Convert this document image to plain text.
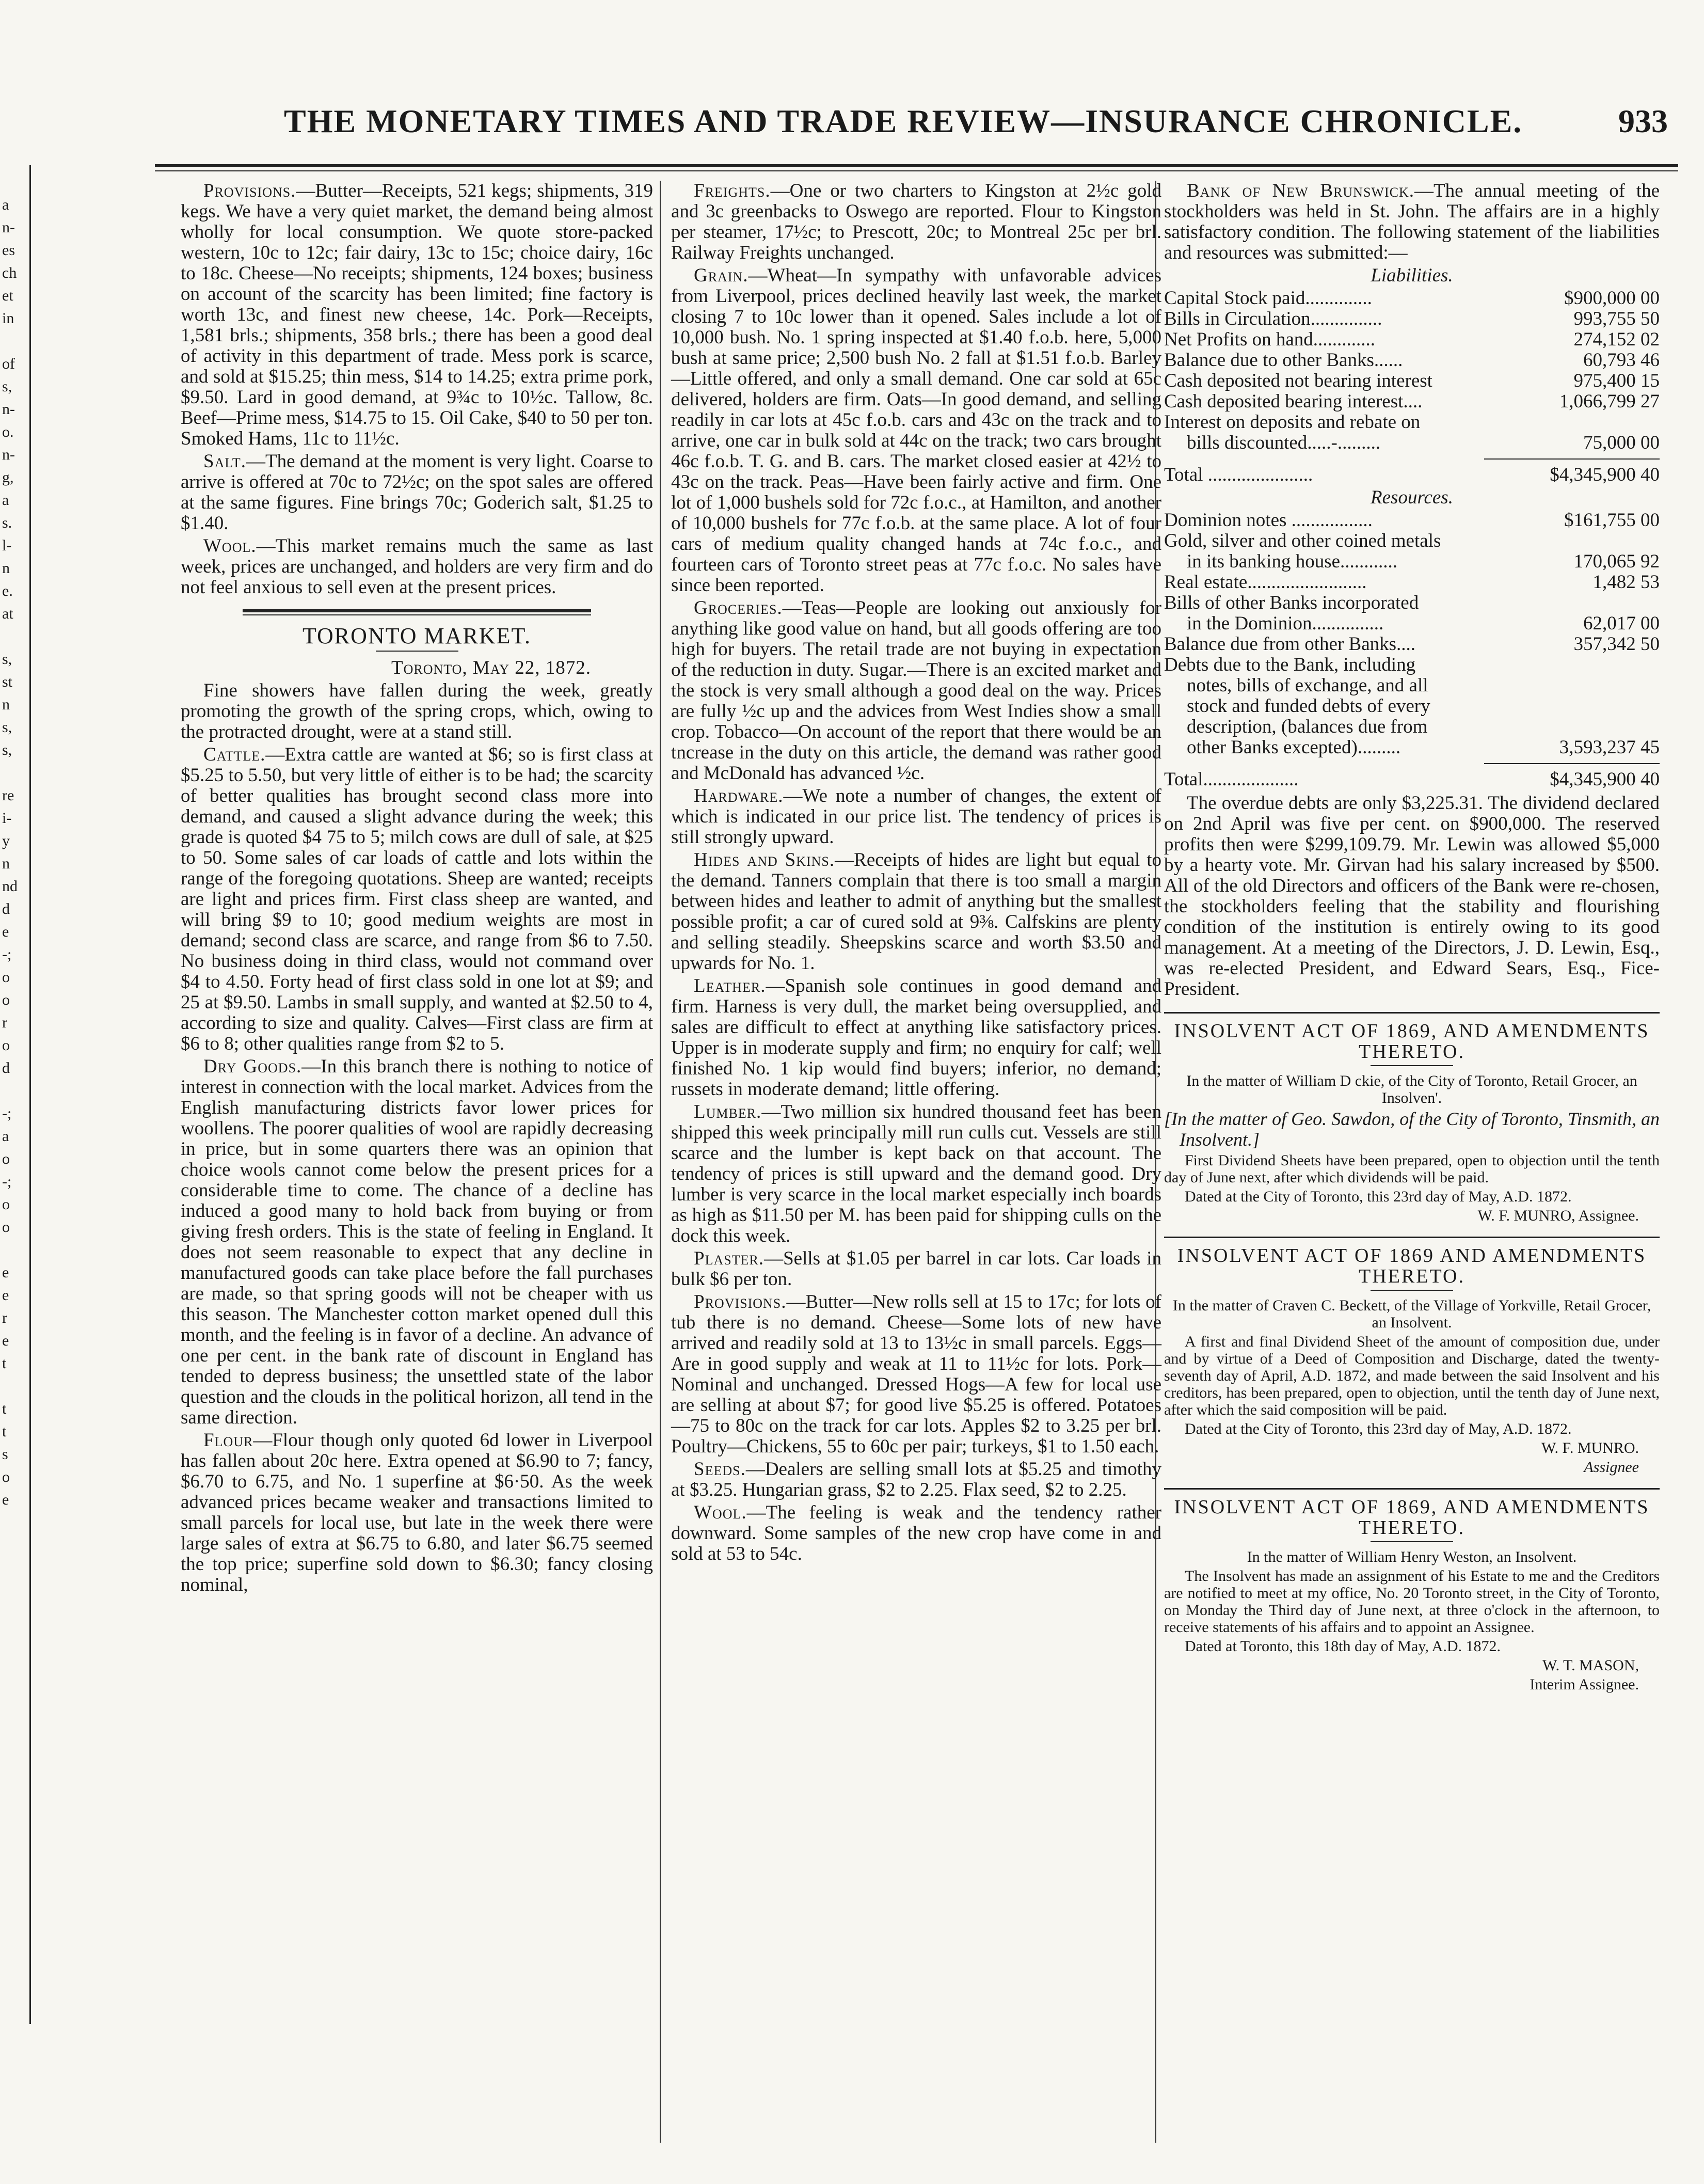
a
n-
es
ch
et
in
of
s,
n-
o.
n-
g,
a
s.
l-
n
e.
at
s,
st
n
s,
s,
re
i-
y
n
nd
d
e
-;
o
o
r
o
d
-;
a
o
-;
o
o
e
e
r
e
t
t
t
s
o
e
THE MONETARY TIMES AND TRADE REVIEW—INSURANCE CHRONICLE.	933

Provisions.—Butter—Receipts, 521 kegs; shipments, 319 kegs. We have a very quiet market, the demand being almost wholly for local consumption. We quote store-packed western, 10c to 12c; fair dairy, 13c to 15c; choice dairy, 16c to 18c. Cheese—No receipts; shipments, 124 boxes; business on account of the scarcity has been limited; fine factory is worth 13c, and finest new cheese, 14c. Pork—Receipts, 1,581 brls.; shipments, 358 brls.; there has been a good deal of activity in this department of trade. Mess pork is scarce, and sold at $15.25; thin mess, $14 to 14.25; extra prime pork, $9.50. Lard in good demand, at 9¾c to 10½c. Tallow, 8c. Beef—Prime mess, $14.75 to 15. Oil Cake, $40 to 50 per ton. Smoked Hams, 11c to 11½c.

Salt.—The demand at the moment is very light. Coarse to arrive is offered at 70c to 72½c; on the spot sales are offered at the same figures. Fine brings 70c; Goderich salt, $1.25 to $1.40.

Wool.—This market remains much the same as last week, prices are unchanged, and holders are very firm and do not feel anxious to sell even at the present prices.

TORONTO MARKET.
Toronto, May 22, 1872.

Fine showers have fallen during the week, greatly promoting the growth of the spring crops, which, owing to the protracted drought, were at a stand still.

Cattle.—Extra cattle are wanted at $6; so is first class at $5.25 to 5.50, but very little of either is to be had; the scarcity of better qualities has brought second class more into demand, and caused a slight advance during the week; this grade is quoted $4 75 to 5; milch cows are dull of sale, at $25 to 50. Some sales of car loads of cattle and lots within the range of the foregoing quotations. Sheep are wanted; receipts are light and prices firm. First class sheep are wanted, and will bring $9 to 10; good medium weights are most in demand; second class are scarce, and range from $6 to 7.50. No business doing in third class, would not command over $4 to 4.50. Forty head of first class sold in one lot at $9; and 25 at $9.50. Lambs in small supply, and wanted at $2.50 to 4, according to size and quality. Calves—First class are firm at $6 to 8; other qualities range from $2 to 5.

Dry Goods.—In this branch there is nothing to notice of interest in connection with the local market. Advices from the English manufacturing districts favor lower prices for woollens. The poorer qualities of wool are rapidly decreasing in price, but in some quarters there was an opinion that choice wools cannot come below the present prices for a considerable time to come. The chance of a decline has induced a good many to hold back from buying or from giving fresh orders. This is the state of feeling in England. It does not seem reasonable to expect that any decline in manufactured goods can take place before the fall purchases are made, so that spring goods will not be cheaper with us this season. The Manchester cotton market opened dull this month, and the feeling is in favor of a decline. An advance of one per cent. in the bank rate of discount in England has tended to depress business; the unsettled state of the labor question and the clouds in the political horizon, all tend in the same direction.

Flour—Flour though only quoted 6d lower in Liverpool has fallen about 20c here. Extra opened at $6.90 to 7; fancy, $6.70 to 6.75, and No. 1 superfine at $6·50. As the week advanced prices became weaker and transactions limited to small parcels for local use, but late in the week there were large sales of extra at $6.75 to 6.80, and later $6.75 seemed the top price; superfine sold down to $6.30; fancy closing nominal,

Freights.—One or two charters to Kingston at 2½c gold and 3c greenbacks to Oswego are reported. Flour to Kingston per steamer, 17½c; to Prescott, 20c; to Montreal 25c per brl. Railway Freights unchanged.

Grain.—Wheat—In sympathy with unfavorable advices from Liverpool, prices declined heavily last week, the market closing 7 to 10c lower than it opened. Sales include a lot of 10,000 bush. No. 1 spring inspected at $1.40 f.o.b. here, 5,000 bush at same price; 2,500 bush No. 2 fall at $1.51 f.o.b. Barley—Little offered, and only a small demand. One car sold at 65c delivered, holders are firm. Oats—In good demand, and selling readily in car lots at 45c f.o.b. cars and 43c on the track and to arrive, one car in bulk sold at 44c on the track; two cars brought 46c f.o.b. T. G. and B. cars. The market closed easier at 42½ to 43c on the track. Peas—Have been fairly active and firm. One lot of 1,000 bushels sold for 72c f.o.c., at Hamilton, and another of 10,000 bushels for 77c f.o.b. at the same place. A lot of four cars of medium quality changed hands at 74c f.o.c., and fourteen cars of Toronto street peas at 77c f.o.c. No sales have since been reported.

Groceries.—Teas—People are looking out anxiously for anything like good value on hand, but all goods offering are too high for buyers. The retail trade are not buying in expectation of the reduction in duty. Sugar.—There is an excited market and the stock is very small although a good deal on the way. Prices are fully ½c up and the advices from West Indies show a small crop. Tobacco—On account of the report that there would be an tncrease in the duty on this article, the demand was rather good and McDonald has advanced ½c.

Hardware.—We note a number of changes, the extent of which is indicated in our price list. The tendency of prices is still strongly upward.

Hides and Skins.—Receipts of hides are light but equal to the demand. Tanners complain that there is too small a margin between hides and leather to admit of anything but the smallest possible profit; a car of cured sold at 9⅜. Calfskins are plenty and selling steadily. Sheepskins scarce and worth $3.50 and upwards for No. 1.

Leather.—Spanish sole continues in good demand and firm. Harness is very dull, the market being oversupplied, and sales are difficult to effect at anything like satisfactory prices. Upper is in moderate supply and firm; no enquiry for calf; well finished No. 1 kip would find buyers; inferior, no demand; russets in moderate demand; little offering.

Lumber.—Two million six hundred thousand feet has been shipped this week principally mill run culls cut. Vessels are still scarce and the lumber is kept back on that account. The tendency of prices is still upward and the demand good. Dry lumber is very scarce in the local market especially inch boards as high as $11.50 per M. has been paid for shipping culls on the dock this week.

Plaster.—Sells at $1.05 per barrel in car lots. Car loads in bulk $6 per ton.

Provisions.—Butter—New rolls sell at 15 to 17c; for lots of tub there is no demand. Cheese—Some lots of new have arrived and readily sold at 13 to 13½c in small parcels. Eggs—Are in good supply and weak at 11 to 11½c for lots. Pork—Nominal and unchanged. Dressed Hogs—A few for local use are selling at about $7; for good live $5.25 is offered. Potatoes—75 to 80c on the track for car lots. Apples $2 to 3.25 per brl. Poultry—Chickens, 55 to 60c per pair; turkeys, $1 to 1.50 each.

Seeds.—Dealers are selling small lots at $5.25 and timothy at $3.25. Hungarian grass, $2 to 2.25. Flax seed, $2 to 2.25.

Wool.—The feeling is weak and the tendency rather downward. Some samples of the new crop have come in and sold at 53 to 54c.

Bank of New Brunswick.—The annual meeting of the stockholders was held in St. John. The affairs are in a highly satisfactory condition. The following statement of the liabilities and resources was submitted:—

Liabilities.
Capital Stock paid..............	$900,000 00
Bills in Circulation...............	993,755 50
Net Profits on hand.............	274,152 02
Balance due to other Banks......	60,793 46
Cash deposited not bearing interest	975,400 15
Cash deposited bearing interest....	1,066,799 27
Interest on deposits and rebate on	
bills discounted.....-.........	75,000 00
Total ......................	$4,345,900 40
Resources.
Dominion notes .................	$161,755 00
Gold, silver and other coined metals	
in its banking house............	170,065 92
Real estate.........................	1,482 53
Bills of other Banks incorporated	
in the Dominion...............	62,017 00
Balance due from other Banks....	357,342 50
Debts due to the Bank, including	
notes, bills of exchange, and all	
stock and funded debts of every	
description, (balances due from	
other Banks excepted).........	3,593,237 45
Total....................	$4,345,900 40

The overdue debts are only $3,225.31. The dividend declared on 2nd April was five per cent. on $900,000. The reserved profits then were $299,109.79. Mr. Lewin was allowed $5,000 by a hearty vote. Mr. Girvan had his salary increased by $500. All of the old Directors and officers of the Bank were re-chosen, the stockholders feeling that the stability and flourishing condition of the institution is entirely owing to its good management. At a meeting of the Directors, J. D. Lewin, Esq., was re-elected President, and Edward Sears, Esq., Fice-President.

INSOLVENT ACT OF 1869, AND AMENDMENTS THERETO.

In the matter of William D ckie, of the City of Toronto, Retail Grocer, an Insolven'.

[In the matter of Geo. Sawdon, of the City of Toronto, Tinsmith, an Insolvent.]

First Dividend Sheets have been prepared, open to objection until the tenth day of June next, after which dividends will be paid.

Dated at the City of Toronto, this 23rd day of May, A.D. 1872.

W. F. MUNRO, Assignee.

INSOLVENT ACT OF 1869 AND AMENDMENTS THERETO.

In the matter of Craven C. Beckett, of the Village of Yorkville, Retail Grocer, an Insolvent.

A first and final Dividend Sheet of the amount of composition due, under and by virtue of a Deed of Composition and Discharge, dated the twenty-seventh day of April, A.D. 1872, and made between the said Insolvent and his creditors, has been prepared, open to objection, until the tenth day of June next, after which the said composition will be paid.

Dated at the City of Toronto, this 23rd day of May, A.D. 1872.

W. F. MUNRO.

Assignee

INSOLVENT ACT OF 1869, AND AMENDMENTS THERETO.

In the matter of William Henry Weston, an Insolvent.

The Insolvent has made an assignment of his Estate to me and the Creditors are notified to meet at my office, No. 20 Toronto street, in the City of Toronto, on Monday the Third day of June next, at three o'clock in the afternoon, to receive statements of his affairs and to appoint an Assignee.

Dated at Toronto, this 18th day of May, A.D. 1872.

W. T. MASON,

Interim Assignee.
